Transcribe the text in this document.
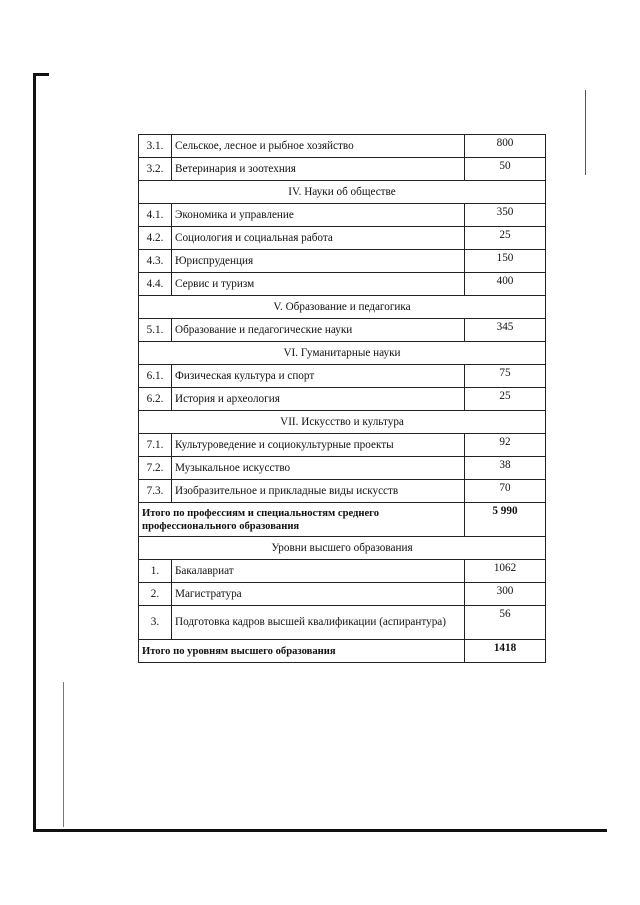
3.1.	Сельское, лесное и рыбное хозяйство	800
3.2.	Ветеринария и зоотехния	50
IV. Науки об обществе		
4.1.	Экономика и управление	350
4.2.	Социология и социальная работа	25
4.3.	Юриспруденция	150
4.4.	Сервис и туризм	400
V. Образование и педагогика		
5.1.	Образование и педагогические науки	345
VI. Гуманитарные науки		
6.1.	Физическая культура и спорт	75
6.2.	История и археология	25
VII. Искусство и культура		
7.1.	Культуроведение и социокультурные проекты	92
7.2.	Музыкальное искусство	38
7.3.	Изобразительное и прикладные виды искусств	70
Итого по профессиям и специальностям среднего профессионального образования		5 990
Уровни высшего образования		
1.	Бакалавриат	1062
2.	Магистратура	300
3.	Подготовка кадров высшей квалификации (аспирантура)	56
Итого по уровням высшего образования		1418
